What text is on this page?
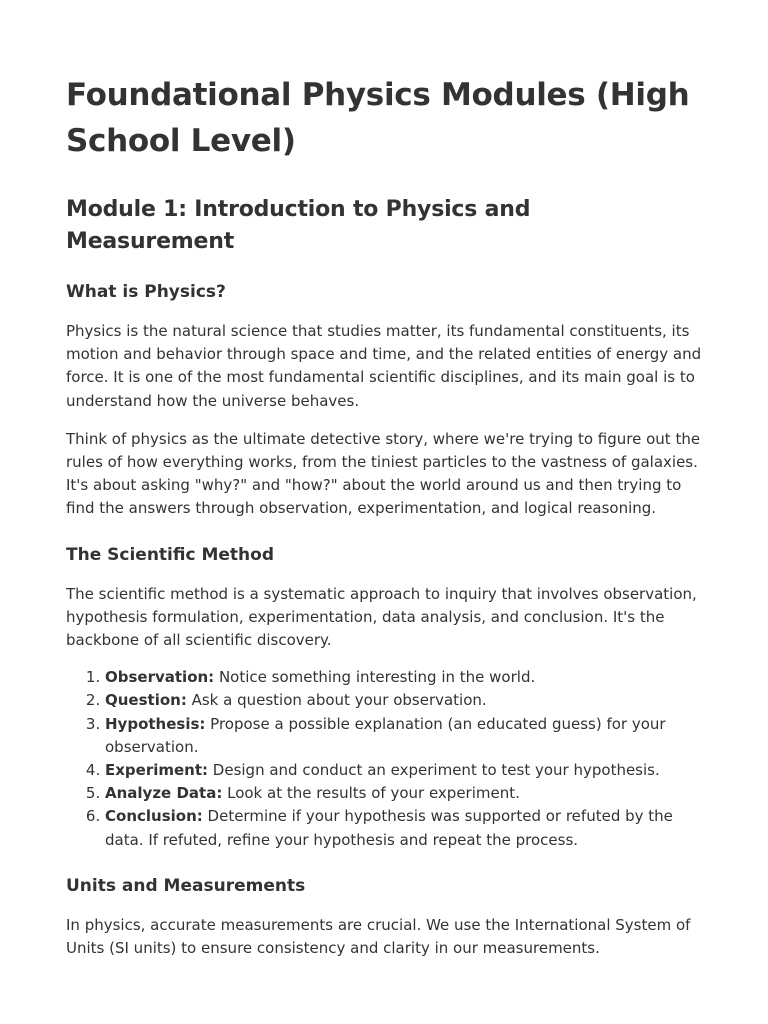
Foundational Physics Modules (High School Level)
Module 1: Introduction to Physics and Measurement
What is Physics?

Physics is the natural science that studies matter, its fundamental constituents, its motion and behavior through space and time, and the related entities of energy and force. It is one of the most fundamental scientific disciplines, and its main goal is to understand how the universe behaves.

Think of physics as the ultimate detective story, where we're trying to figure out the rules of how everything works, from the tiniest particles to the vastness of galaxies. It's about asking "why?" and "how?" about the world around us and then trying to find the answers through observation, experimentation, and logical reasoning.

The Scientific Method

The scientific method is a systematic approach to inquiry that involves observation, hypothesis formulation, experimentation, data analysis, and conclusion. It's the backbone of all scientific discovery.

1. Observation: Notice something interesting in the world.
2. Question: Ask a question about your observation.
3. Hypothesis: Propose a possible explanation (an educated guess) for your observation.
4. Experiment: Design and conduct an experiment to test your hypothesis.
5. Analyze Data: Look at the results of your experiment.
6. Conclusion: Determine if your hypothesis was supported or refuted by the data. If refuted, refine your hypothesis and repeat the process.
Units and Measurements

In physics, accurate measurements are crucial. We use the International System of Units (SI units) to ensure consistency and clarity in our measurements.
